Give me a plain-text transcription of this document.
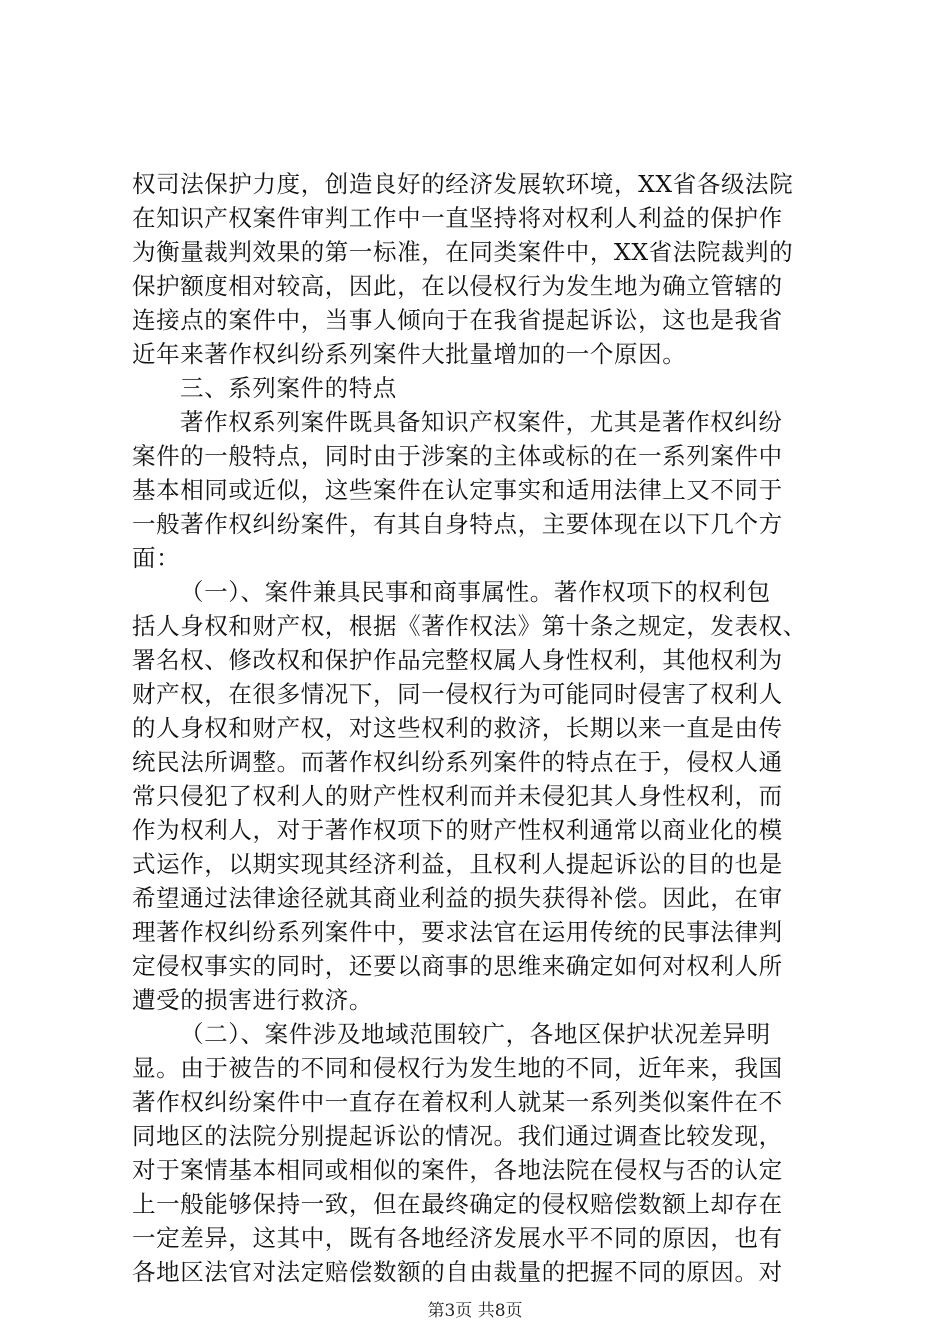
权司法保护力度，创造良好的经济发展软环境，XX省各级法院
在知识产权案件审判工作中一直坚持将对权利人利益的保护作
为衡量裁判效果的第一标准，在同类案件中，XX省法院裁判的
保护额度相对较高，因此，在以侵权行为发生地为确立管辖的
连接点的案件中，当事人倾向于在我省提起诉讼，这也是我省
近年来著作权纠纷系列案件大批量增加的一个原因。
三、系列案件的特点
著作权系列案件既具备知识产权案件，尤其是著作权纠纷
案件的一般特点，同时由于涉案的主体或标的在一系列案件中
基本相同或近似，这些案件在认定事实和适用法律上又不同于
一般著作权纠纷案件，有其自身特点，主要体现在以下几个方
面：
（一）、案件兼具民事和商事属性。著作权项下的权利包
括人身权和财产权，根据《著作权法》第十条之规定，发表权、
署名权、修改权和保护作品完整权属人身性权利，其他权利为
财产权，在很多情况下，同一侵权行为可能同时侵害了权利人
的人身权和财产权，对这些权利的救济，长期以来一直是由传
统民法所调整。而著作权纠纷系列案件的特点在于，侵权人通
常只侵犯了权利人的财产性权利而并未侵犯其人身性权利，而
作为权利人，对于著作权项下的财产性权利通常以商业化的模
式运作，以期实现其经济利益，且权利人提起诉讼的目的也是
希望通过法律途径就其商业利益的损失获得补偿。因此，在审
理著作权纠纷系列案件中，要求法官在运用传统的民事法律判
定侵权事实的同时，还要以商事的思维来确定如何对权利人所
遭受的损害进行救济。
（二）、案件涉及地域范围较广，各地区保护状况差异明
显。由于被告的不同和侵权行为发生地的不同，近年来，我国
著作权纠纷案件中一直存在着权利人就某一系列类似案件在不
同地区的法院分别提起诉讼的情况。我们通过调查比较发现，
对于案情基本相同或相似的案件，各地法院在侵权与否的认定
上一般能够保持一致，但在最终确定的侵权赔偿数额上却存在
一定差异，这其中，既有各地经济发展水平不同的原因，也有
各地区法官对法定赔偿数额的自由裁量的把握不同的原因。对
第3页 共8页
